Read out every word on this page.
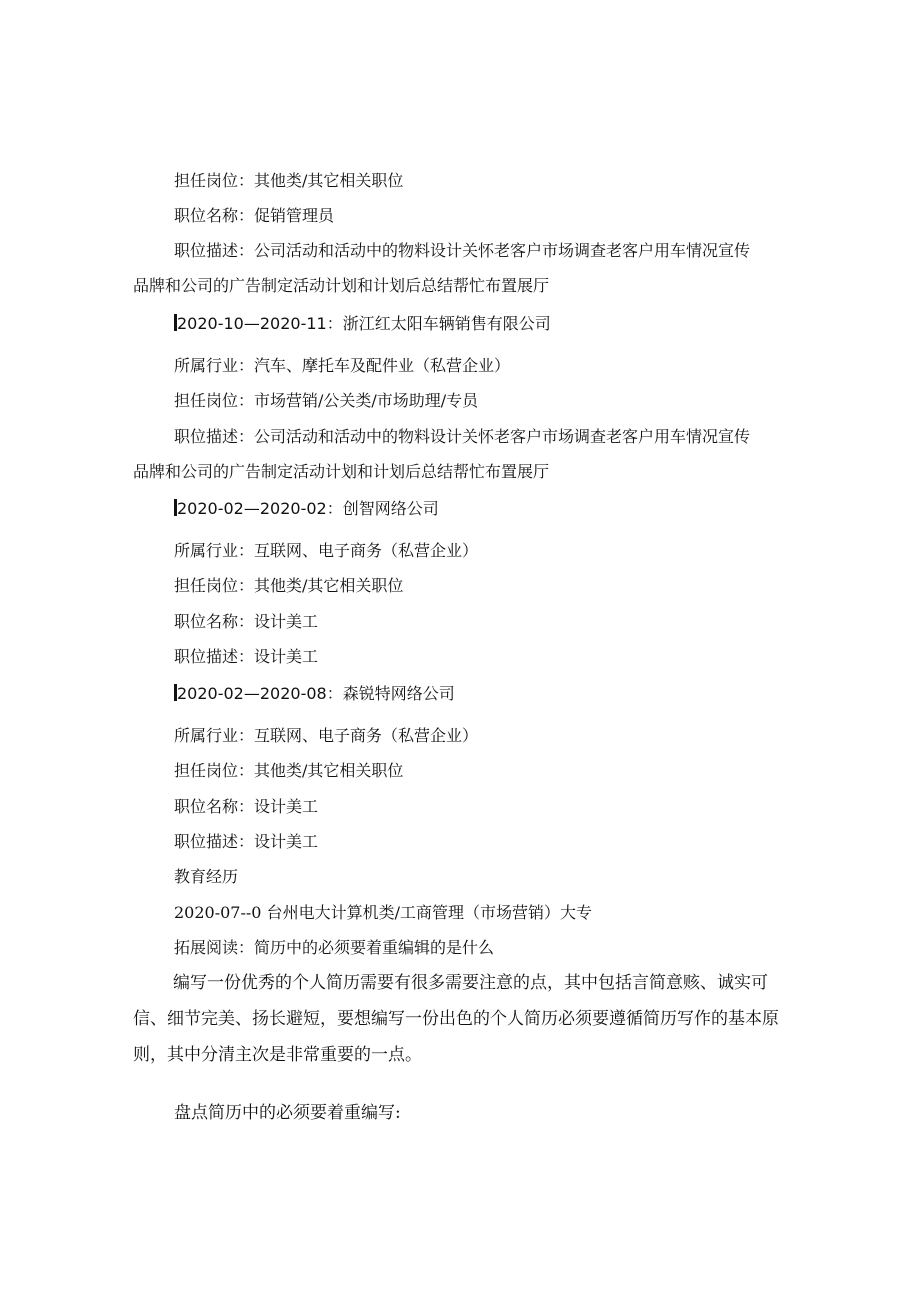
担任岗位：其他类/其它相关职位
职位名称：促销管理员
职位描述：公司活动和活动中的物料设计关怀老客户市场调查老客户用车情况宣传
品牌和公司的广告制定活动计划和计划后总结帮忙布置展厅
2020-10—2020-11：浙江红太阳车辆销售有限公司
所属行业：汽车、摩托车及配件业（私营企业）
担任岗位：市场营销/公关类/市场助理/专员
职位描述：公司活动和活动中的物料设计关怀老客户市场调查老客户用车情况宣传
品牌和公司的广告制定活动计划和计划后总结帮忙布置展厅
2020-02—2020-02：创智网络公司
所属行业：互联网、电子商务（私营企业）
担任岗位：其他类/其它相关职位
职位名称：设计美工
职位描述：设计美工
2020-02—2020-08：森锐特网络公司
所属行业：互联网、电子商务（私营企业）
担任岗位：其他类/其它相关职位
职位名称：设计美工
职位描述：设计美工
教育经历
2020-07--0 台州电大计算机类/工商管理（市场营销）大专
拓展阅读：简历中的必须要着重编辑的是什么
编写一份优秀的个人简历需要有很多需要注意的点，其中包括言简意赅、诚实可信、细节完美、扬长避短，要想编写一份出色的个人简历必须要遵循简历写作的基本原则，其中分清主次是非常重要的一点。
盘点简历中的必须要着重编写:
